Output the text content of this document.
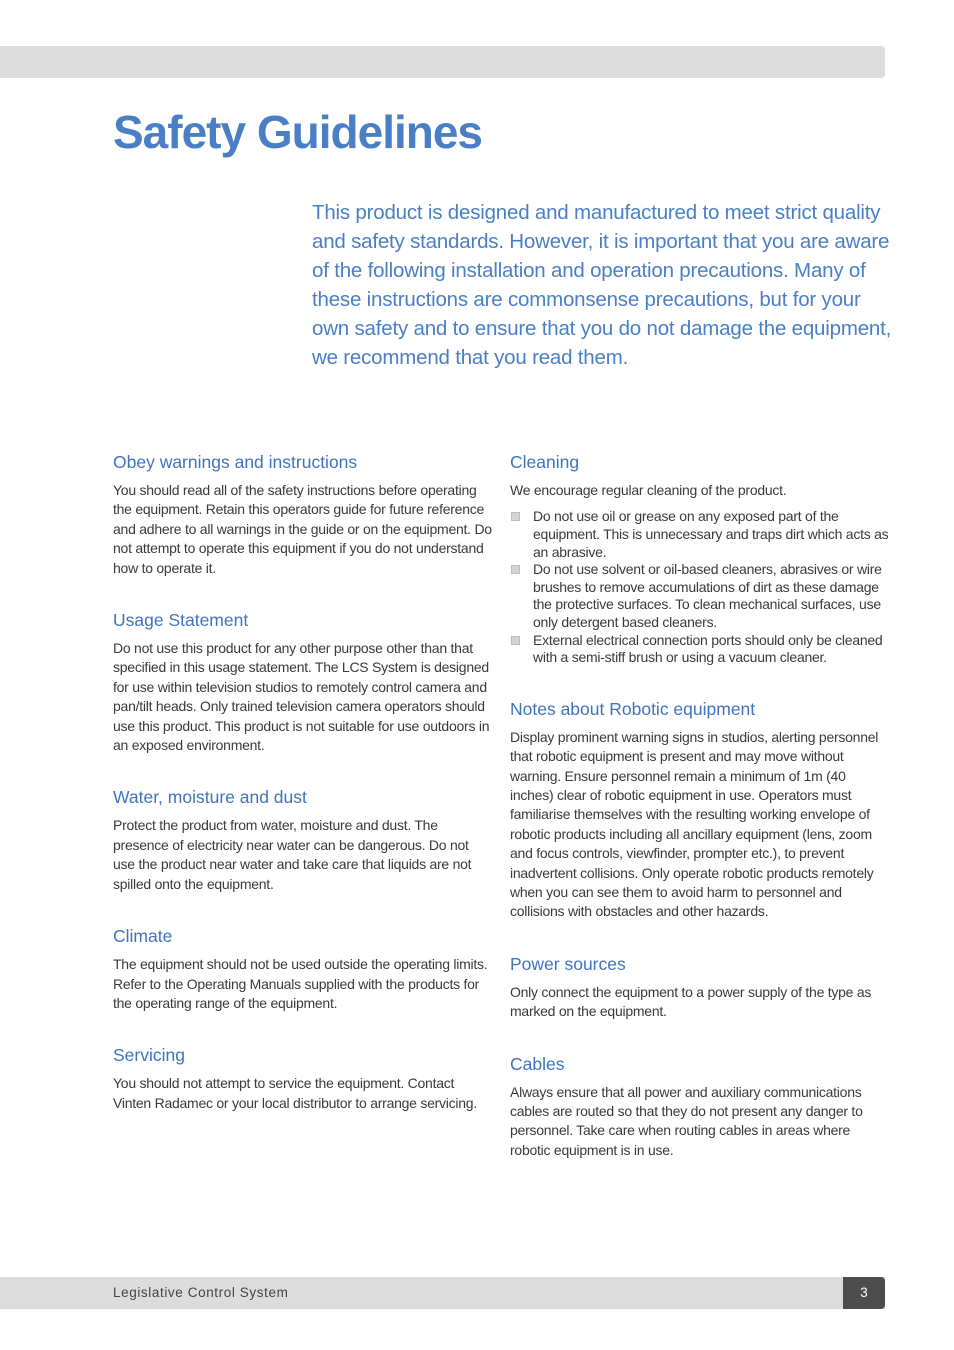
Safety Guidelines

This product is designed and manufactured to meet strict quality and safety standards. However, it is important that you are aware of the following installation and operation precautions. Many of these instructions are commonsense precautions, but for your own safety and to ensure that you do not damage the equipment, we recommend that you read them.

Obey warnings and instructions

You should read all of the safety instructions before operating the equipment. Retain this operators guide for future reference and adhere to all warnings in the guide or on the equipment. Do not attempt to operate this equipment if you do not understand how to operate it.

Usage Statement

Do not use this product for any other purpose other than that specified in this usage statement. The LCS System is designed for use within television studios to remotely control camera and pan/tilt heads. Only trained television camera operators should use this product. This product is not suitable for use outdoors in an exposed environment.

Water, moisture and dust

Protect the product from water, moisture and dust. The presence of electricity near water can be dangerous. Do not use the product near water and take care that liquids are not spilled onto the equipment.

Climate

The equipment should not be used outside the operating limits. Refer to the Operating Manuals supplied with the products for the operating range of the equipment.

Servicing

You should not attempt to service the equipment. Contact Vinten Radamec or your local distributor to arrange servicing.

Cleaning

We encourage regular cleaning of the product.

Do not use oil or grease on any exposed part of the equipment. This is unnecessary and traps dirt which acts as an abrasive.
Do not use solvent or oil-based cleaners, abrasives or wire brushes to remove accumulations of dirt as these damage the protective surfaces. To clean mechanical surfaces, use only detergent based cleaners.
External electrical connection ports should only be cleaned with a semi-stiff brush or using a vacuum cleaner.
Notes about Robotic equipment

Display prominent warning signs in studios, alerting personnel that robotic equipment is present and may move without warning. Ensure personnel remain a minimum of 1m (40 inches) clear of robotic equipment in use. Operators must familiarise themselves with the resulting working envelope of robotic products including all ancillary equipment (lens, zoom and focus controls, viewfinder, prompter etc.), to prevent inadvertent collisions. Only operate robotic products remotely when you can see them to avoid harm to personnel and collisions with obstacles and other hazards.

Power sources

Only connect the equipment to a power supply of the type as marked on the equipment.

Cables

Always ensure that all power and auxiliary communications cables are routed so that they do not present any danger to personnel. Take care when routing cables in areas where robotic equipment is in use.

Legislative Control System	3
